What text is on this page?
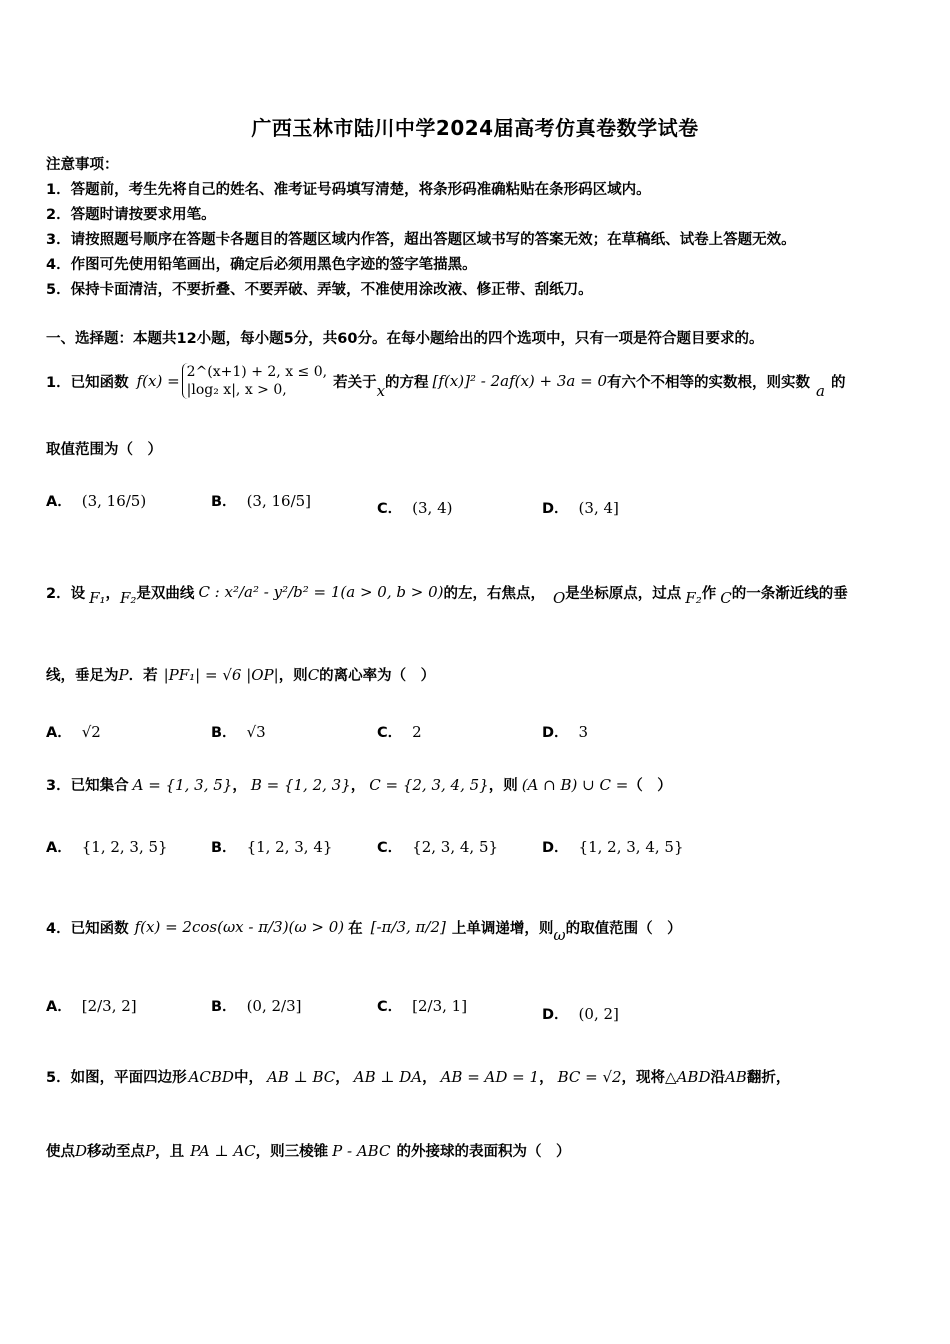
广西玉林市陆川中学2024届高考仿真卷数学试卷
注意事项：
1．答题前，考生先将自己的姓名、准考证号码填写清楚，将条形码准确粘贴在条形码区域内。
2．答题时请按要求用笔。
3．请按照题号顺序在答题卡各题目的答题区域内作答，超出答题区域书写的答案无效；在草稿纸、试卷上答题无效。
4．作图可先使用铅笔画出，确定后必须用黑色字迹的签字笔描黑。
5．保持卡面清洁，不要折叠、不要弄破、弄皱，不准使用涂改液、修正带、刮纸刀。
一、选择题：本题共12小题，每小题5分，共60分。在每小题给出的四个选项中，只有一项是符合题目要求的。
1．已知函数 f(x) = 2^(x+1) + 2, x ≤ 0,
|log₂ x|, x > 0,	若关于 x 的方程 [f(x)]² - 2af(x) + 3a = 0 有六个不相等的实数根，则实数 a 的
取值范围为（　）
A． (3, 16/5)	B． (3, 16/5]	C． (3, 4)	D． (3, 4]
2．设 F₁ ， F₂ 是双曲线 C : x²/a² - y²/b² = 1(a > 0, b > 0) 的左，右焦点， O 是坐标原点，过点 F₂ 作 C 的一条渐近线的垂
线，垂足为 P ．若 |PF₁| = √6 |OP| ，则 C 的离心率为（　）
A． √2	B． √3	C． 2	D． 3
3．已知集合 A = {1, 3, 5} ， B = {1, 2, 3} ， C = {2, 3, 4, 5} ，则 (A ∩ B) ∪ C = （　）
A． {1, 2, 3, 5}	B． {1, 2, 3, 4}	C． {2, 3, 4, 5}	D． {1, 2, 3, 4, 5}
4．已知函数 f(x) = 2cos(ωx - π/3)(ω > 0) 在 [-π/3, π/2] 上单调递增，则 ω 的取值范围（　）
A． [2/3, 2]	B． (0, 2/3]	C． [2/3, 1]	D． (0, 2]
5．如图，平面四边形 ACBD 中， AB ⊥ BC ， AB ⊥ DA ， AB = AD = 1 ， BC = √2 ，现将 △ABD 沿 AB 翻折，
使点 D 移动至点 P ，且 PA ⊥ AC ，则三棱锥 P - ABC 的外接球的表面积为（　）
